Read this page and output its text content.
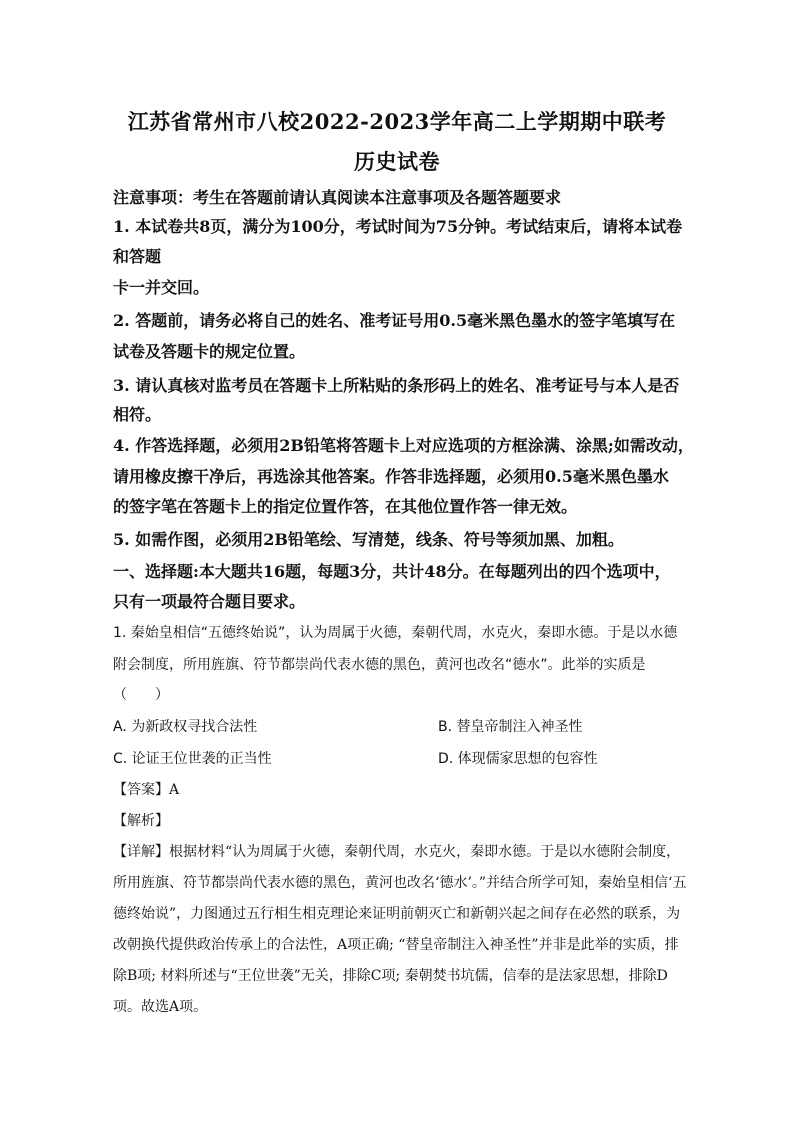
江苏省常州市八校2022-2023学年高二上学期期中联考
历史试卷
注意事项：考生在答题前请认真阅读本注意事项及各题答题要求
1. 本试卷共8页，满分为100分，考试时间为75分钟。考试结束后，请将本试卷
和答题
卡一并交回。
2. 答题前，请务必将自己的姓名、准考证号用0.5毫米黑色墨水的签字笔填写在
试卷及答题卡的规定位置。
3. 请认真核对监考员在答题卡上所粘贴的条形码上的姓名、准考证号与本人是否
相符。
4. 作答选择题，必须用2B铅笔将答题卡上对应选项的方框涂满、涂黑;如需改动，
请用橡皮擦干净后，再选涂其他答案。作答非选择题，必须用0.5毫米黑色墨水
的签字笔在答题卡上的指定位置作答，在其他位置作答一律无效。
5. 如需作图，必须用2B铅笔绘、写清楚，线条、符号等须加黑、加粗。
一、选择题:本大题共16题，每题3分，共计48分。在每题列出的四个选项中，
只有一项最符合题目要求。
1. 秦始皇相信“五德终始说”，认为周属于火德，秦朝代周，水克火，秦即水德。于是以水德
附会制度，所用旌旗、符节都崇尚代表水德的黑色，黄河也改名“德水”。此举的实质是
（　　）
A. 为新政权寻找合法性	B. 替皇帝制注入神圣性
C. 论证王位世袭的正当性	D. 体现儒家思想的包容性
【答案】A
【解析】
【详解】根据材料“认为周属于火德，秦朝代周，水克火，秦即水德。于是以水德附会制度，
所用旌旗、符节都崇尚代表水德的黑色，黄河也改名‘德水’。”并结合所学可知，秦始皇相信‘五
德终始说”，力图通过五行相生相克理论来证明前朝灭亡和新朝兴起之间存在必然的联系，为
改朝换代提供政治传承上的合法性，A项正确; “替皇帝制注入神圣性”并非是此举的实质，排
除B项; 材料所述与“王位世袭”无关，排除C项; 秦朝焚书坑儒，信奉的是法家思想，排除D
项。故选A项。
